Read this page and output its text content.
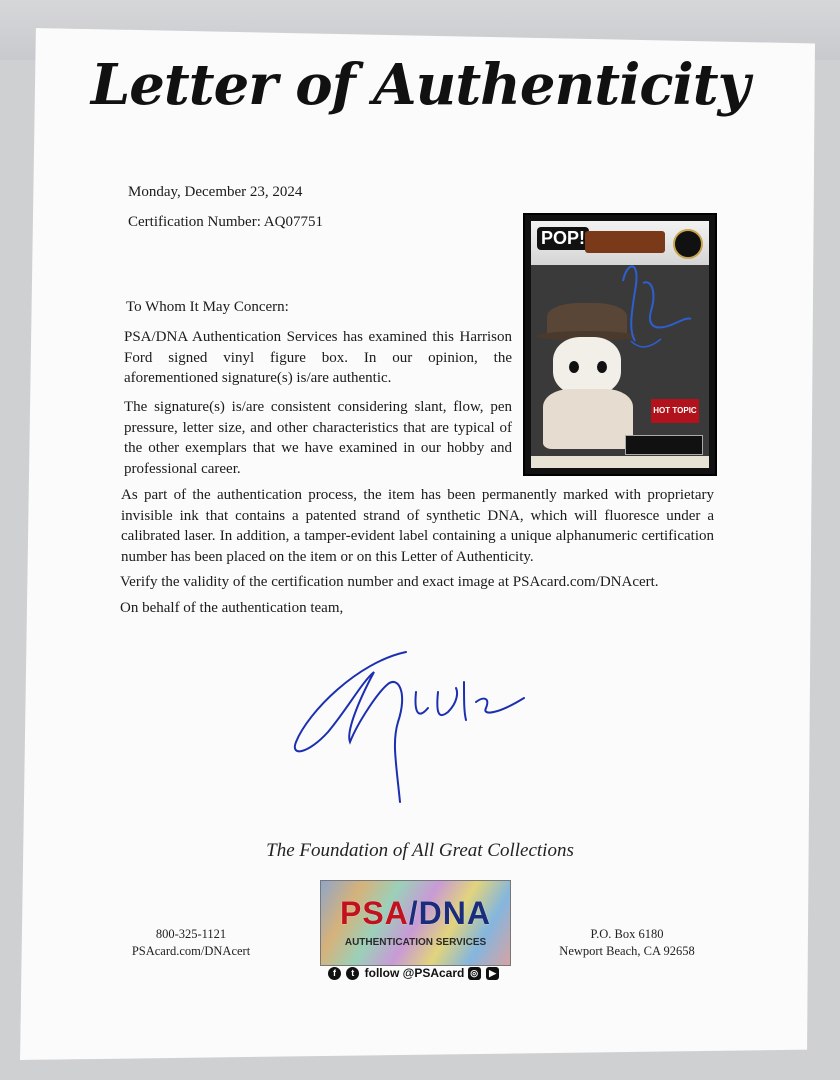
Letter of Authenticity
Monday, December 23, 2024
Certification Number: AQ07751
POP!
HOT TOPIC
To Whom It May Concern:
PSA/DNA Authentication Services has examined this Harrison Ford signed vinyl figure box. In our opinion, the aforementioned signature(s) is/are authentic.
The signature(s) is/are consistent considering slant, flow, pen pressure, letter size, and other characteristics that are typical of the other exemplars that we have examined in our hobby and professional career.
As part of the authentication process, the item has been permanently marked with proprietary invisible ink that contains a patented strand of synthetic DNA, which will fluoresce under a calibrated laser. In addition, a tamper-evident label containing a unique alphanumeric certification number has been placed on the item or on this Letter of Authenticity.
Verify the validity of the certification number and exact image at PSAcard.com/DNAcert.
On behalf of the authentication team,
The Foundation of All Great Collections
800-325-1121
PSAcard.com/DNAcert
PSA/DNA
AUTHENTICATION SERVICES
f t follow @PSAcard ◎ ▶
P.O. Box 6180
Newport Beach, CA 92658
